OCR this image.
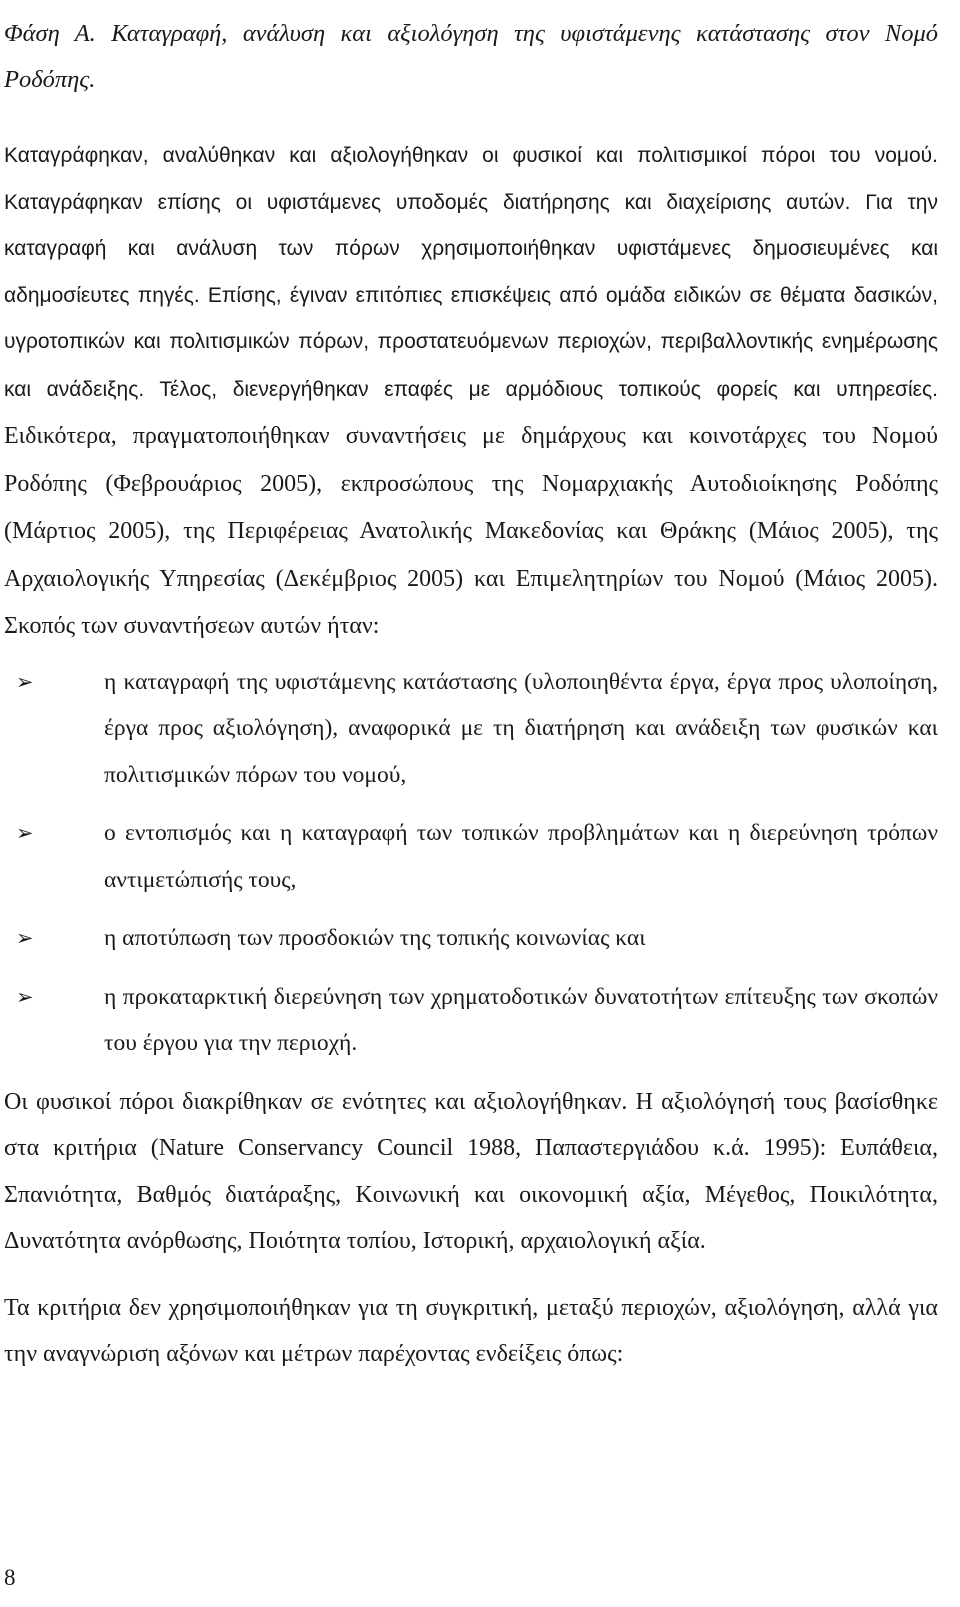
Φάση Α. Καταγραφή, ανάλυση και αξιολόγηση της υφιστάμενης κατάστασης στον Νομό Ροδόπης.

Καταγράφηκαν, αναλύθηκαν και αξιολογήθηκαν οι φυσικοί και πολιτισμικοί πόροι του νομού. Καταγράφηκαν επίσης οι υφιστάμενες υποδομές διατήρησης και διαχείρισης αυτών. Για την καταγραφή και ανάλυση των πόρων χρησιμοποιήθηκαν υφιστάμενες δημοσιευμένες και αδημοσίευτες πηγές. Επίσης, έγιναν επιτόπιες επισκέψεις από ομάδα ειδικών σε θέματα δασικών, υγροτοπικών και πολιτισμικών πόρων, προστατευόμενων περιοχών, περιβαλλοντικής ενημέρωσης και ανάδειξης. Τέλος, διενεργήθηκαν επαφές με αρμόδιους τοπικούς φορείς και υπηρεσίες. Ειδικότερα, πραγματοποιήθηκαν συναντήσεις με δημάρχους και κοινοτάρχες του Νομού Ροδόπης (Φεβρουάριος 2005), εκπροσώπους της Νομαρχιακής Αυτοδιοίκησης Ροδόπης (Μάρτιος 2005), της Περιφέρειας Ανατολικής Μακεδονίας και Θράκης (Μάιος 2005), της Αρχαιολογικής Υπηρεσίας (Δεκέμβριος 2005) και Επιμελητηρίων του Νομού (Μάιος 2005). Σκοπός των συναντήσεων αυτών ήταν:

➢	η καταγραφή της υφιστάμενης κατάστασης (υλοποιηθέντα έργα, έργα προς υλοποίηση, έργα προς αξιολόγηση), αναφορικά με τη διατήρηση και ανάδειξη των φυσικών και πολιτισμικών πόρων του νομού,
➢	ο εντοπισμός και η καταγραφή των τοπικών προβλημάτων και η διερεύνηση τρόπων αντιμετώπισής τους,
➢	η αποτύπωση των προσδοκιών της τοπικής κοινωνίας και
➢	η προκαταρκτική διερεύνηση των χρηματοδοτικών δυνατοτήτων επίτευξης των σκοπών του έργου για την περιοχή.

Οι φυσικοί πόροι διακρίθηκαν σε ενότητες και αξιολογήθηκαν. Η αξιολόγησή τους βασίσθηκε στα κριτήρια (Nature Conservancy Council 1988, Παπαστεργιάδου κ.ά. 1995): Ευπάθεια, Σπανιότητα, Βαθμός διατάραξης, Κοινωνική και οικονομική αξία, Μέγεθος, Ποικιλότητα, Δυνατότητα ανόρθωσης, Ποιότητα τοπίου, Ιστορική, αρχαιολογική αξία.

Τα κριτήρια δεν χρησιμοποιήθηκαν για τη συγκριτική, μεταξύ περιοχών, αξιολόγηση, αλλά για την αναγνώριση αξόνων και μέτρων παρέχοντας ενδείξεις όπως:

8
